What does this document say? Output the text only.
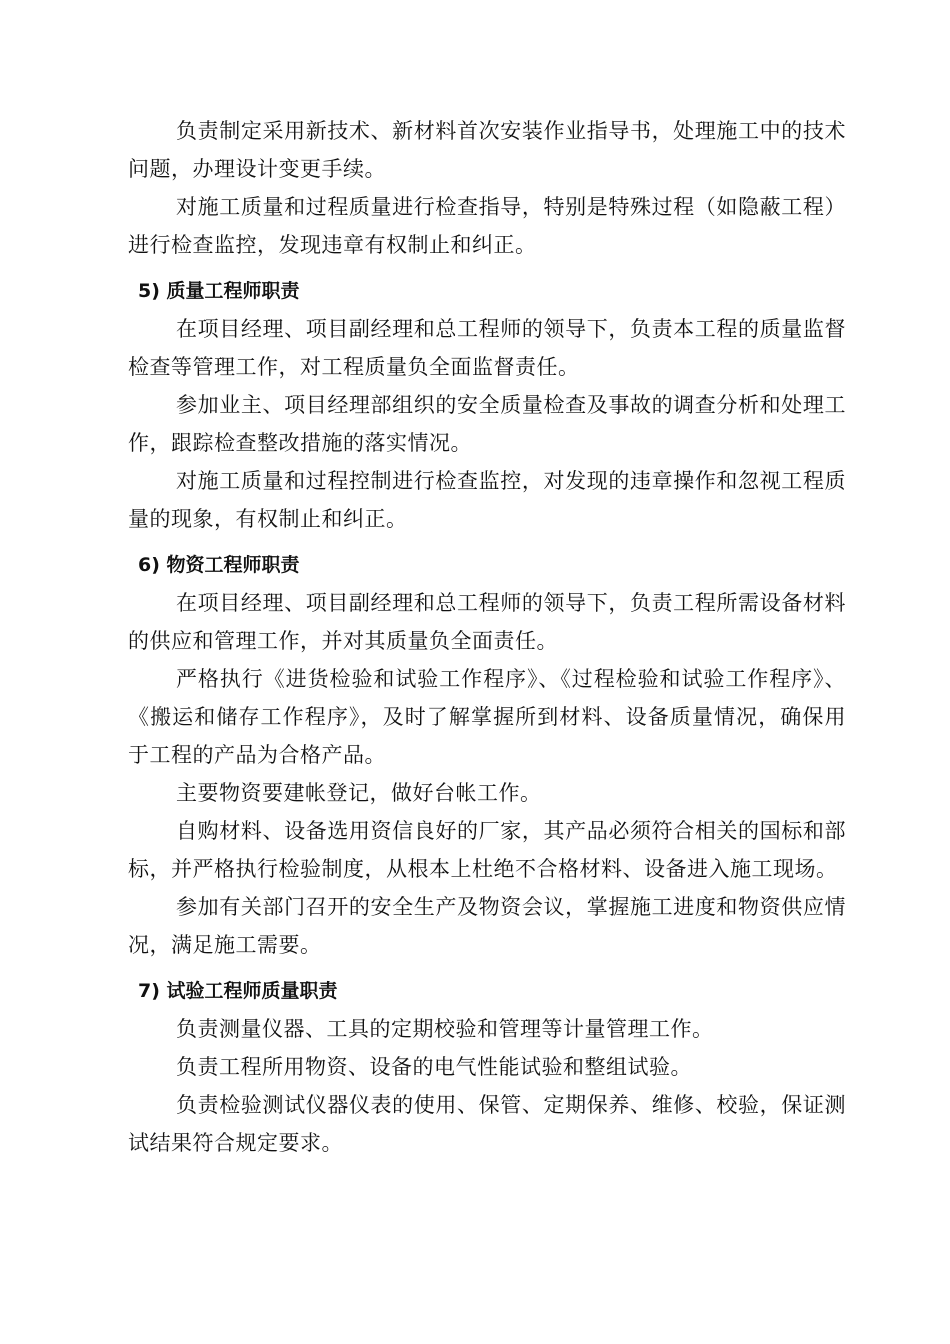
负责制定采用新技术、新材料首次安装作业指导书，处理施工中的技术问题，办理设计变更手续。

对施工质量和过程质量进行检查指导，特别是特殊过程（如隐蔽工程）进行检查监控，发现违章有权制止和纠正。

5) 质量工程师职责

在项目经理、项目副经理和总工程师的领导下，负责本工程的质量监督检查等管理工作，对工程质量负全面监督责任。

参加业主、项目经理部组织的安全质量检查及事故的调查分析和处理工作，跟踪检查整改措施的落实情况。

对施工质量和过程控制进行检查监控，对发现的违章操作和忽视工程质量的现象，有权制止和纠正。

6) 物资工程师职责

在项目经理、项目副经理和总工程师的领导下，负责工程所需设备材料的供应和管理工作，并对其质量负全面责任。

严格执行《进货检验和试验工作程序》、《过程检验和试验工作程序》、《搬运和储存工作程序》，及时了解掌握所到材料、设备质量情况，确保用于工程的产品为合格产品。

主要物资要建帐登记，做好台帐工作。

自购材料、设备选用资信良好的厂家，其产品必须符合相关的国标和部标，并严格执行检验制度，从根本上杜绝不合格材料、设备进入施工现场。

参加有关部门召开的安全生产及物资会议，掌握施工进度和物资供应情况，满足施工需要。

7) 试验工程师质量职责

负责测量仪器、工具的定期校验和管理等计量管理工作。

负责工程所用物资、设备的电气性能试验和整组试验。

负责检验测试仪器仪表的使用、保管、定期保养、维修、校验，保证测试结果符合规定要求。
